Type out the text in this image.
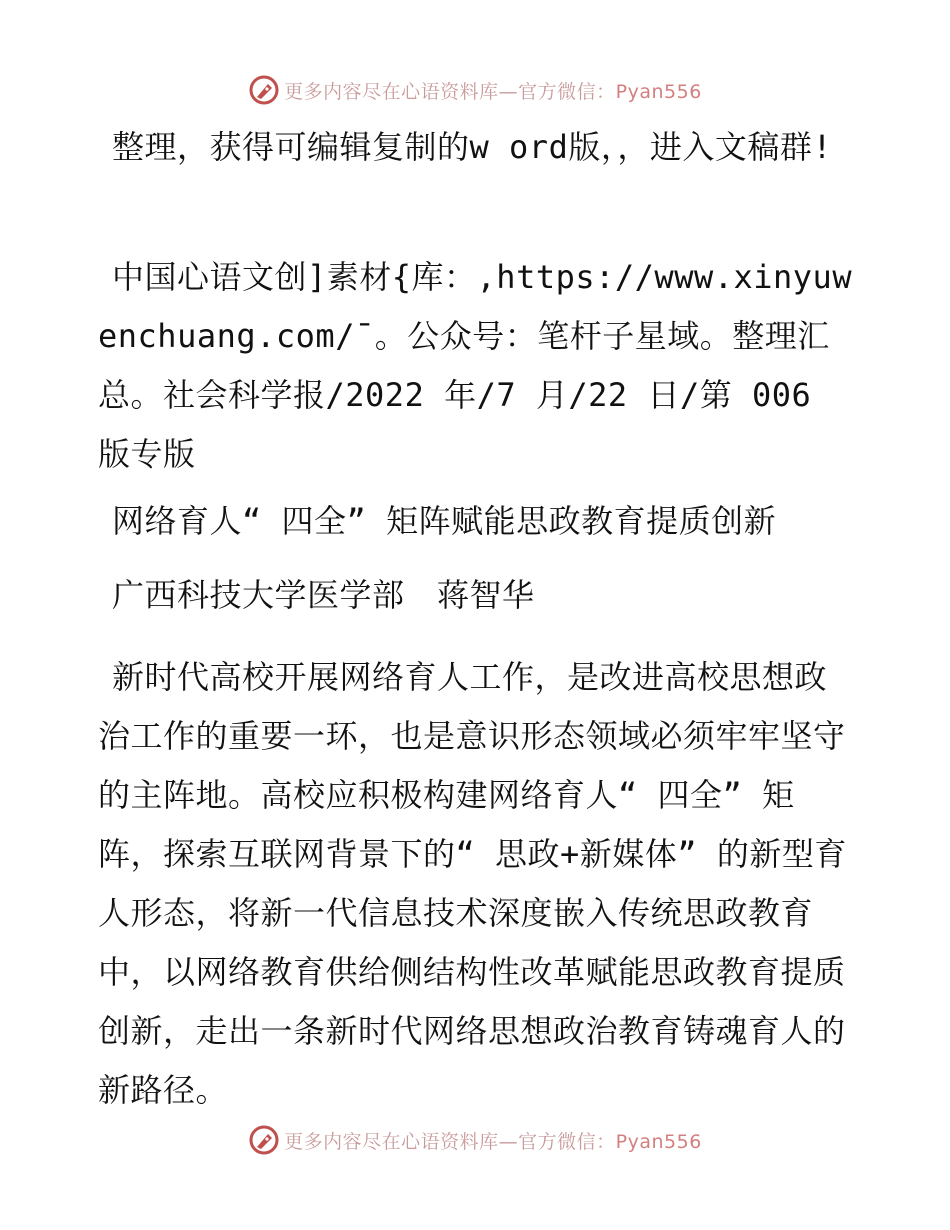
更多内容尽在心语资料库—官方微信：Pyan556

整理，获得可编辑复制的w ord版，，进入文稿群!

中国心语文创]素材{库：,https://www.xinyuwenchuang.com/¯。公众号：笔杆子星域。整理汇总。社会科学报/2022 年/7 月/22 日/第 006 版专版

网络育人“ 四全” 矩阵赋能思政教育提质创新

广西科技大学医学部　蒋智华

新时代高校开展网络育人工作，是改进高校思想政治工作的重要一环，也是意识形态领域必须牢牢坚守的主阵地。高校应积极构建网络育人“ 四全” 矩阵，探索互联网背景下的“ 思政+新媒体” 的新型育人形态，将新一代信息技术深度嵌入传统思政教育中，以网络教育供给侧结构性改革赋能思政教育提质创新，走出一条新时代网络思想政治教育铸魂育人的新路径。

更多内容尽在心语资料库—官方微信：Pyan556
